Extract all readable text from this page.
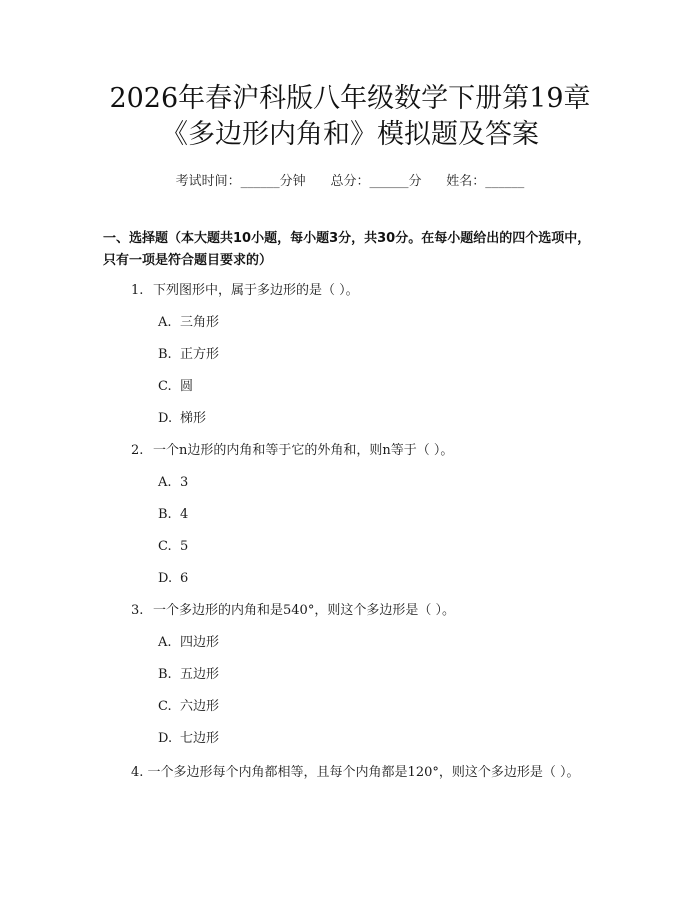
2026年春沪科版八年级数学下册第19章
《多边形内角和》模拟题及答案
考试时间：______分钟 总分：______分 姓名：______
一、选择题（本大题共10小题，每小题3分，共30分。在每小题给出的四个选项中，只有一项是符合题目要求的）
1. 下列图形中，属于多边形的是（ ）。
A. 三角形
B. 正方形
C. 圆
D. 梯形
2. 一个n边形的内角和等于它的外角和，则n等于（ ）。
A. 3
B. 4
C. 5
D. 6
3. 一个多边形的内角和是540°，则这个多边形是（ ）。
A. 四边形
B. 五边形
C. 六边形
D. 七边形
4. 一个多边形每个内角都相等，且每个内角都是120°，则这个多边形是（ ）。
